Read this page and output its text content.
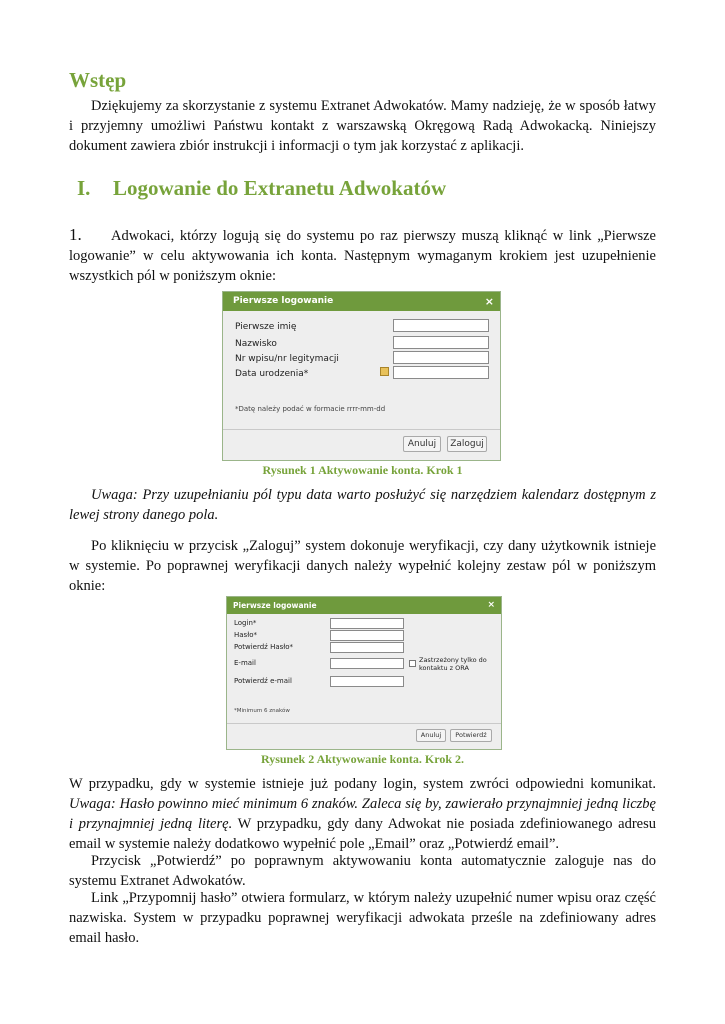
Wstęp

Dziękujemy za skorzystanie z systemu Extranet Adwokatów. Mamy nadzieję, że w sposób łatwy i przyjemny umożliwi Państwu kontakt z warszawską Okręgową Radą Adwokacką. Niniejszy dokument zawiera zbiór instrukcji i informacji o tym jak korzystać z aplikacji.

I. Logowanie do Extranetu Adwokatów

1. Adwokaci, którzy logują się do systemu po raz pierwszy muszą kliknąć w link „Pierwsze logowanie” w celu aktywowania ich konta. Następnym wymaganym krokiem jest uzupełnienie wszystkich pól w poniższym oknie:

Rysunek 1 Aktywowanie konta. Krok 1

Uwaga: Przy uzupełnianiu pól typu data warto posłużyć się narzędziem kalendarz dostępnym z lewej strony danego pola.

Po kliknięciu w przycisk „Zaloguj” system dokonuje weryfikacji, czy dany użytkownik istnieje w systemie. Po poprawnej weryfikacji danych należy wypełnić kolejny zestaw pól w poniższym oknie:

Rysunek 2 Aktywowanie konta. Krok 2.

W przypadku, gdy w systemie istnieje już podany login, system zwróci odpowiedni komunikat. Uwaga: Hasło powinno mieć minimum 6 znaków. Zaleca się by, zawierało przynajmniej jedną liczbę i przynajmniej jedną literę. W przypadku, gdy dany Adwokat nie posiada zdefiniowanego adresu email w systemie należy dodatkowo wypełnić pole „Email” oraz „Potwierdź email”.

Przycisk „Potwierdź” po poprawnym aktywowaniu konta automatycznie zaloguje nas do systemu Extranet Adwokatów.

Link „Przypomnij hasło” otwiera formularz, w którym należy uzupełnić numer wpisu oraz część nazwiska. System w przypadku poprawnej weryfikacji adwokata prześle na zdefiniowany adres email hasło.

Pierwsze logowanie	×
Pierwsze imię
Nazwisko
Nr wpisu/nr legitymacji
Data urodzenia*
*Datę należy podać w formacie rrrr-mm-dd
Anuluj	Zaloguj
Pierwsze logowanie	×
Login*
Hasło*
Potwierdź Hasło*
E-mail	Zastrzeżony tylko do
kontaktu z ORA
Potwierdź e-mail
*Minimum 6 znaków
Anuluj	Potwierdź
